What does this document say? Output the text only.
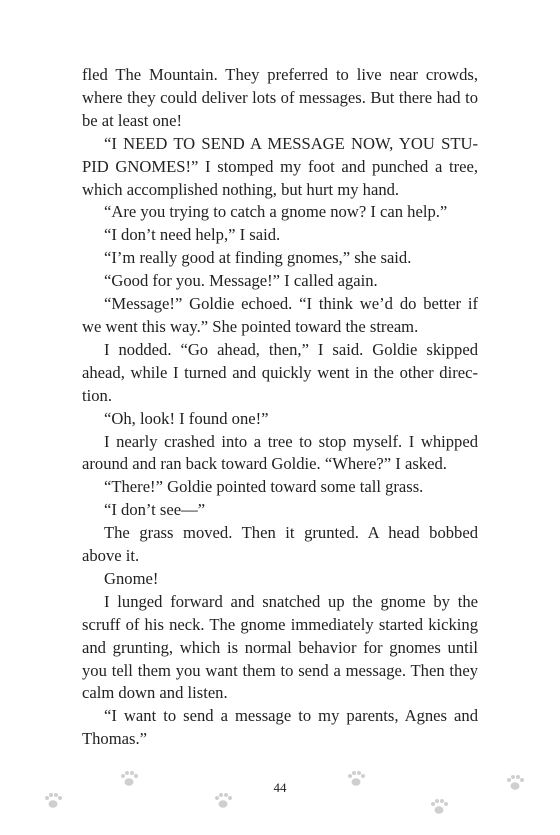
fled The Mountain. They preferred to live near crowds, where they could deliver lots of messages. But there had to be at least one!

“I NEED TO SEND A MESSAGE NOW, YOU STUPID GNOMES!” I stomped my foot and punched a tree, which accomplished nothing, but hurt my hand.

“Are you trying to catch a gnome now? I can help.”

“I don’t need help,” I said.

“I’m really good at finding gnomes,” she said.

“Good for you. Message!” I called again.

“Message!” Goldie echoed. “I think we’d do better if we went this way.” She pointed toward the stream.

I nodded. “Go ahead, then,” I said. Goldie skipped ahead, while I turned and quickly went in the other direction.

“Oh, look! I found one!”

I nearly crashed into a tree to stop myself. I whipped around and ran back toward Goldie. “Where?” I asked.

“There!” Goldie pointed toward some tall grass.

“I don’t see—”

The grass moved. Then it grunted. A head bobbed above it.

Gnome!

I lunged forward and snatched up the gnome by the scruff of his neck. The gnome immediately started kicking and grunting, which is normal behavior for gnomes until you tell them you want them to send a message. Then they calm down and listen.

“I want to send a message to my parents, Agnes and Thomas.”

44
